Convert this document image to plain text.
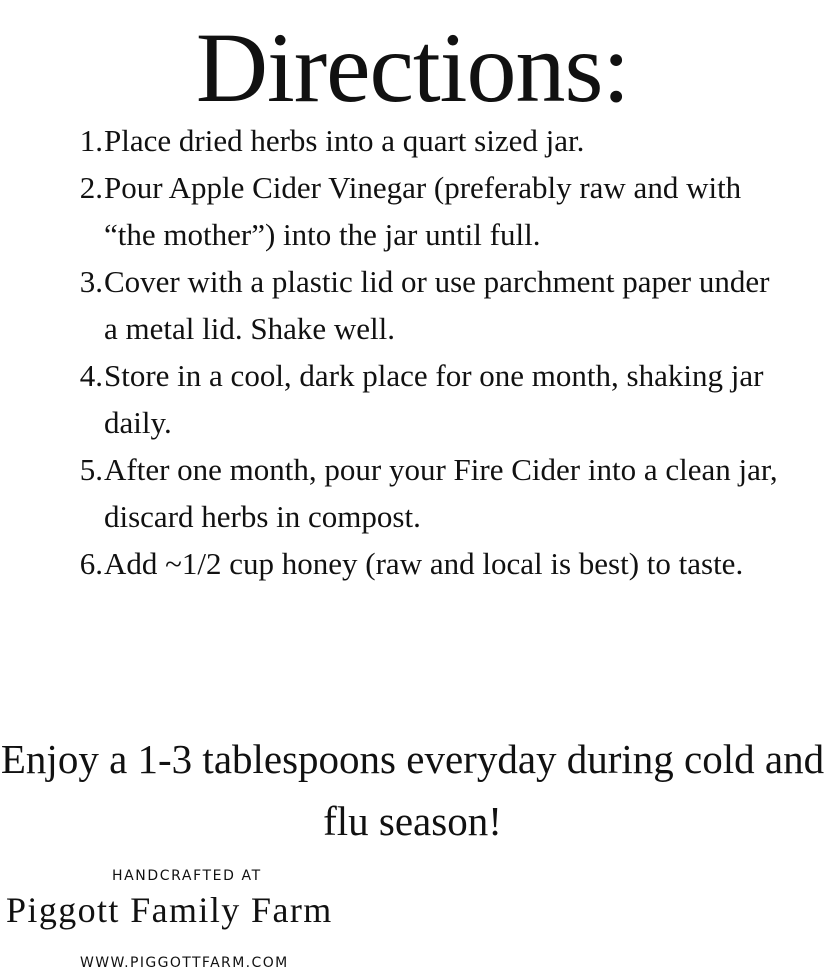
Directions:
1. Place dried herbs into a quart sized jar.
2. Pour Apple Cider Vinegar (preferably raw and with “the mother”) into the jar until full.
3. Cover with a plastic lid or use parchment paper under a metal lid. Shake well.
4. Store in a cool, dark place for one month, shaking jar daily.
5. After one month, pour your Fire Cider into a clean jar, discard herbs in compost.
6. Add ~1/2 cup honey (raw and local is best) to taste.
Enjoy a 1-3 tablespoons everyday during cold and flu season!
HANDCRAFTED AT
Piggott Family Farm
WWW.PIGGOTTFARM.COM
